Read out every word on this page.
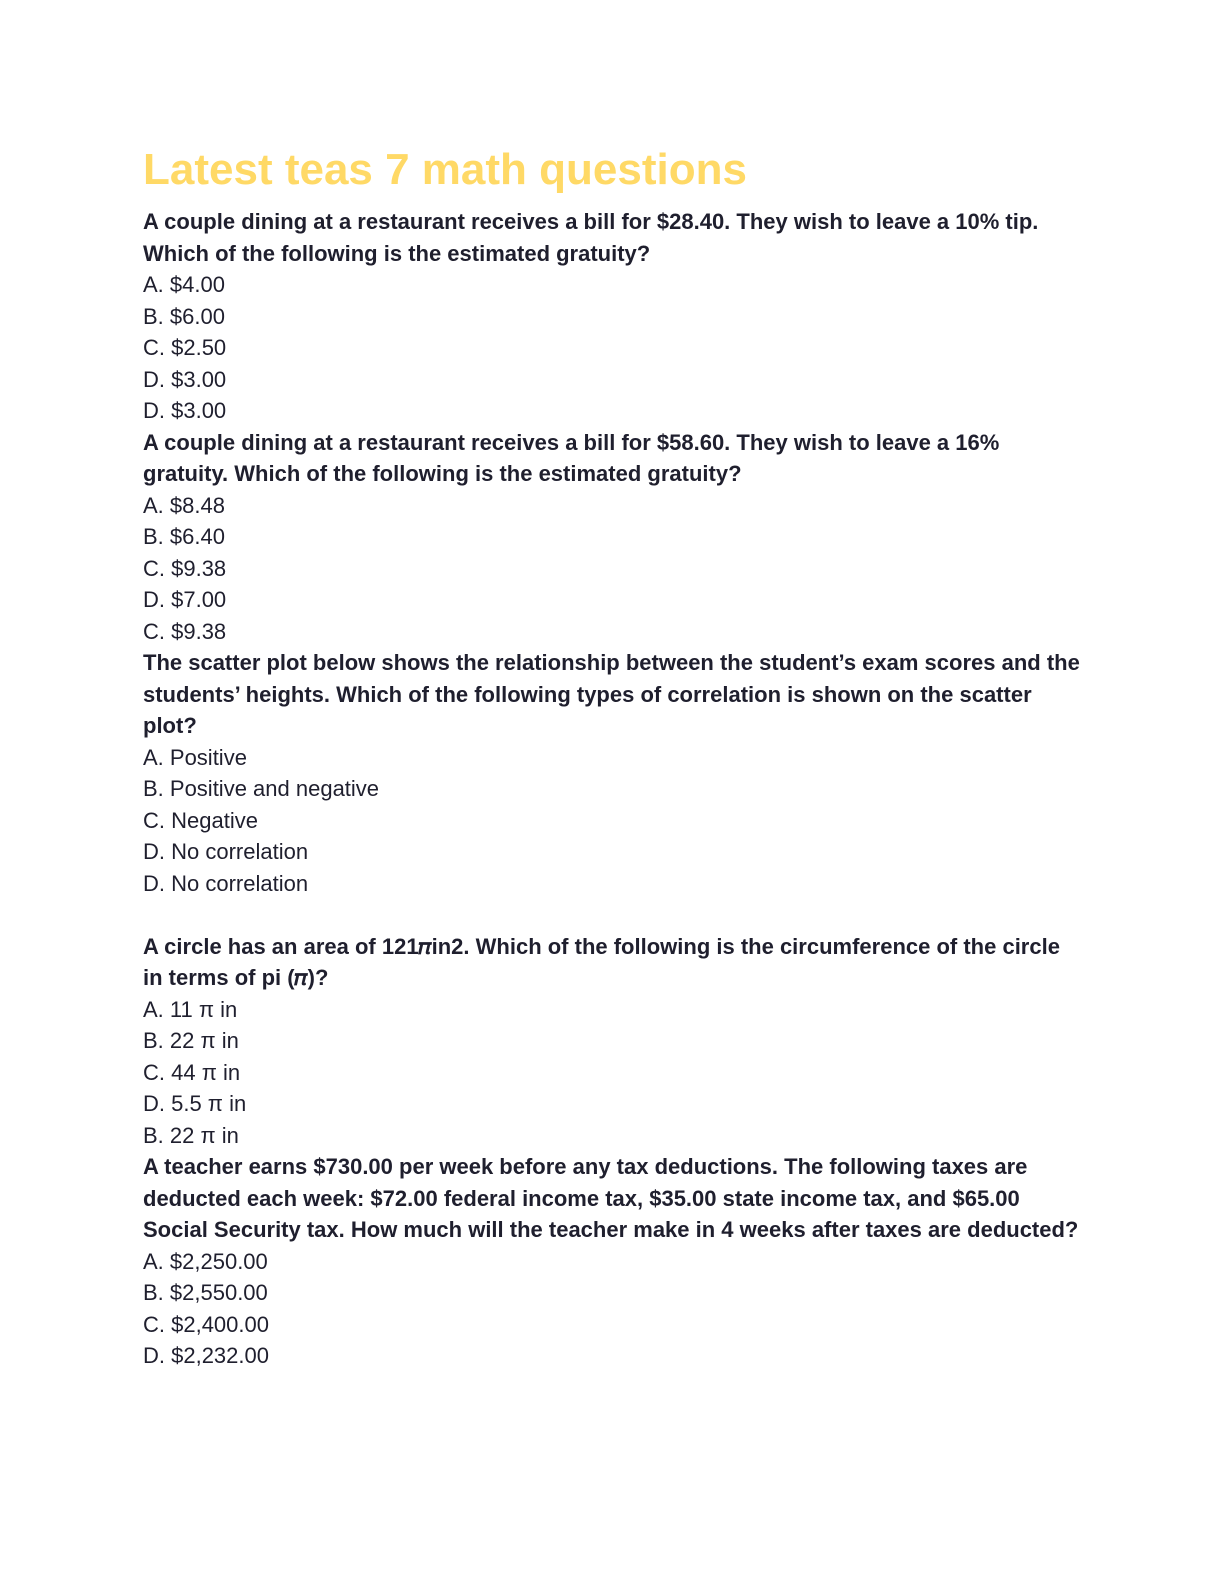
Latest teas 7 math questions

A couple dining at a restaurant receives a bill for $28.40. They wish to leave a 10% tip. Which of the following is the estimated gratuity?

A. $4.00
B. $6.00
C. $2.50
D. $3.00

D. $3.00

A couple dining at a restaurant receives a bill for $58.60. They wish to leave a 16% gratuity. Which of the following is the estimated gratuity?

A. $8.48
B. $6.40
C. $9.38
D. $7.00

C. $9.38

The scatter plot below shows the relationship between the student’s exam scores and the students’ heights. Which of the following types of correlation is shown on the scatter plot?

A. Positive
B. Positive and negative
C. Negative
D. No correlation

D. No correlation

A circle has an area of 121𝜋in2. Which of the following is the circumference of the circle in terms of pi (𝜋)?

A. 11 π in
B. 22 π in
C. 44 π in
D. 5.5 π in

B. 22 π in

A teacher earns $730.00 per week before any tax deductions. The following taxes are deducted each week: $72.00 federal income tax, $35.00 state income tax, and $65.00 Social Security tax. How much will the teacher make in 4 weeks after taxes are deducted?

A. $2,250.00
B. $2,550.00
C. $2,400.00
D. $2,232.00
